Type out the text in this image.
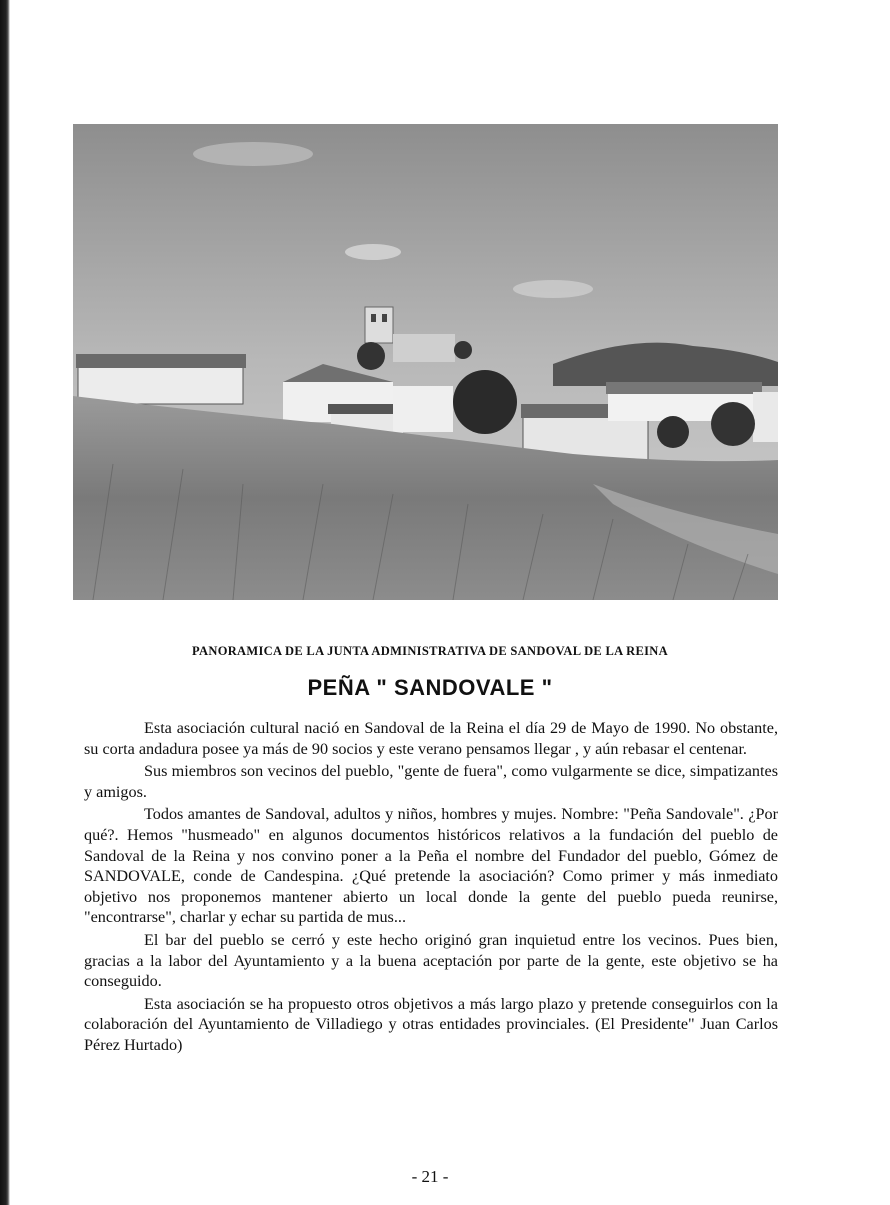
PANORAMICA DE LA JUNTA ADMINISTRATIVA DE SANDOVAL DE LA REINA
PEÑA " SANDOVALE "

Esta asociación cultural nació en Sandoval de la Reina el día 29 de Mayo de 1990. No obstante, su corta andadura posee ya más de 90 socios y este verano pensamos llegar , y aún rebasar el centenar.

Sus miembros son vecinos del pueblo, "gente de fuera", como vulgarmente se dice, simpatizantes y amigos.

Todos amantes de Sandoval, adultos y niños, hombres y mujes. Nombre: "Peña Sandovale". ¿Por qué?. Hemos "husmeado" en algunos documentos históricos relativos a la fundación del pueblo de Sandoval de la Reina y nos convino poner a la Peña el nombre del Fundador del pueblo, Gómez de SANDOVALE, conde de Candespina. ¿Qué pretende la asociación? Como primer y más inmediato objetivo nos proponemos mantener abierto un local donde la gente del pueblo pueda reunirse, "encontrarse", charlar y echar su partida de mus...

El bar del pueblo se cerró y este hecho originó gran inquietud entre los vecinos. Pues bien, gracias a la labor del Ayuntamiento y a la buena aceptación por parte de la gente, este objetivo se ha conseguido.

Esta asociación se ha propuesto otros objetivos a más largo plazo y pretende conseguirlos con la colaboración del Ayuntamiento de Villadiego y otras entidades provinciales. (El Presidente" Juan Carlos Pérez Hurtado)

- 21 -
